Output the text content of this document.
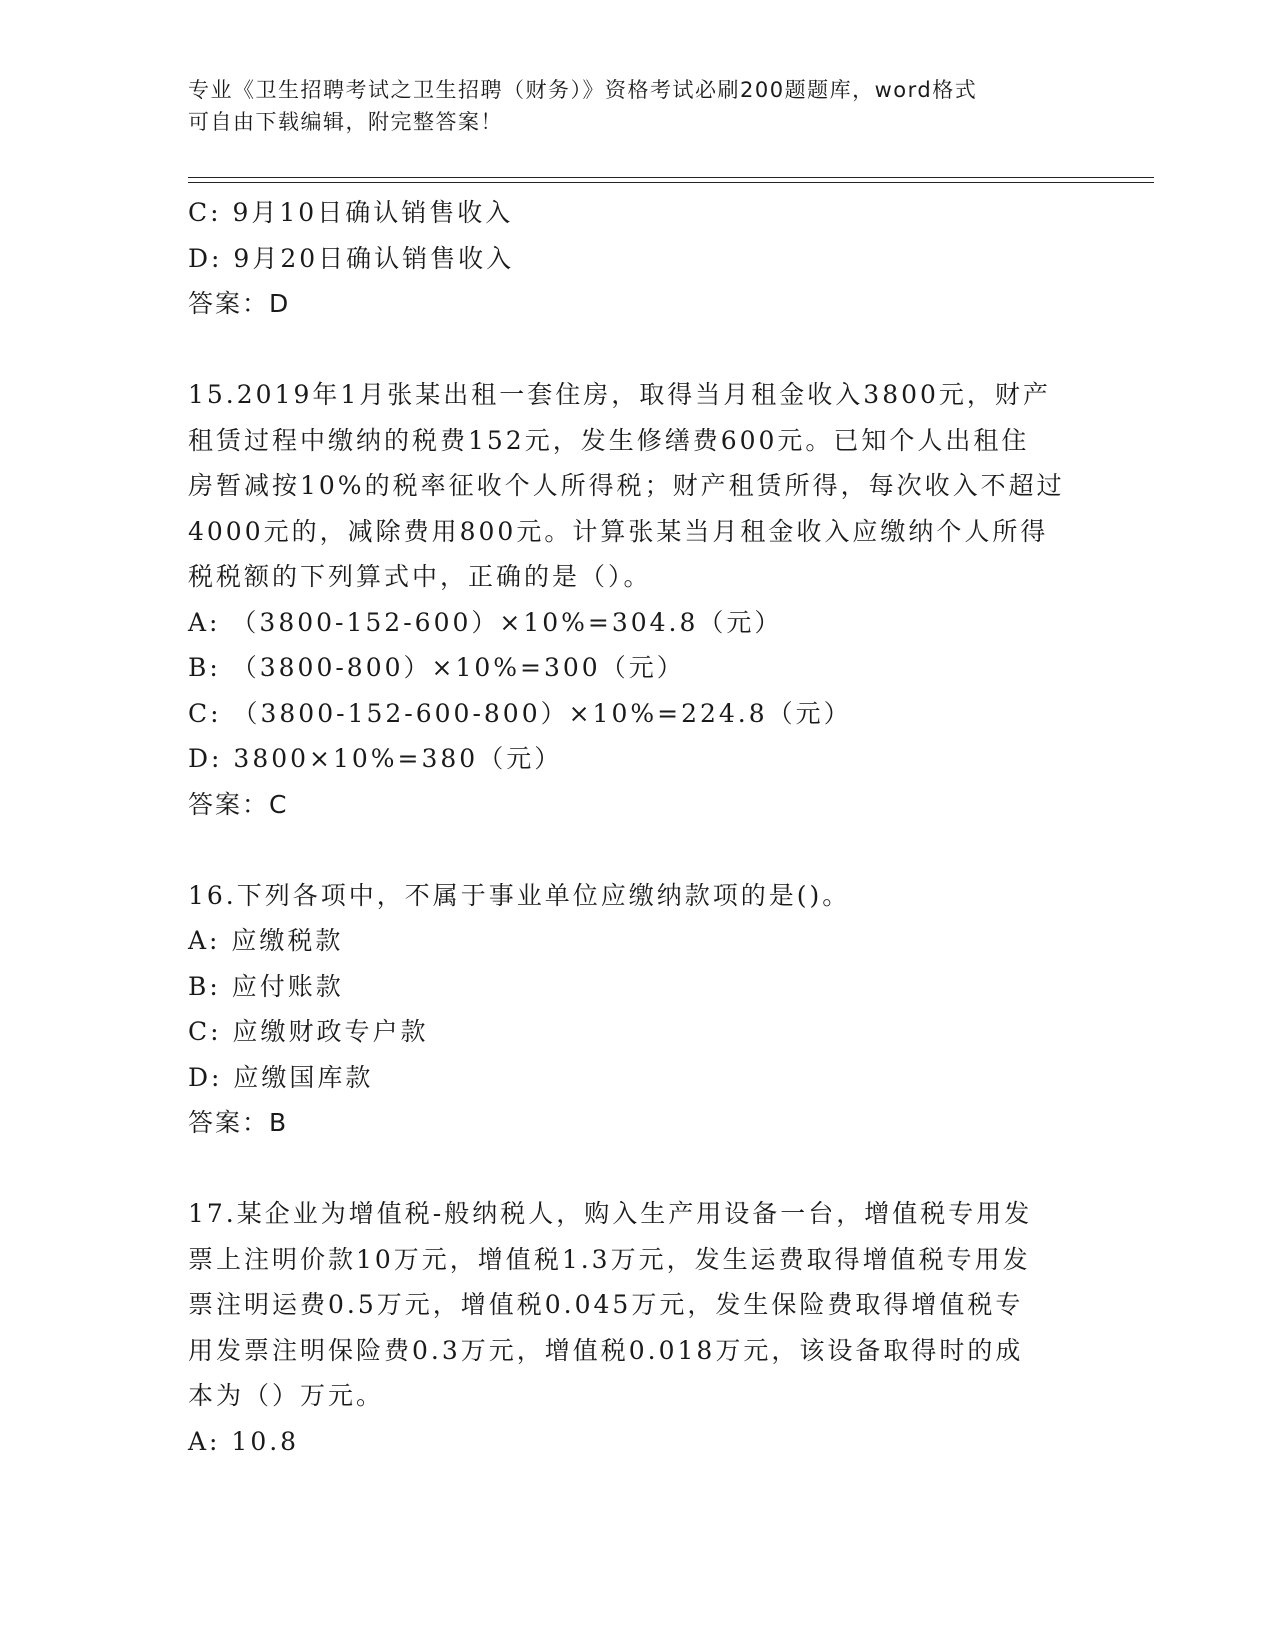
专业《卫生招聘考试之卫生招聘（财务）》资格考试必刷200题题库，word格式
可自由下载编辑，附完整答案！
C: 9月10日确认销售收入
D: 9月20日确认销售收入
答案：D
15.2019年1月张某出租一套住房，取得当月租金收入3800元，财产
租赁过程中缴纳的税费152元，发生修缮费600元。已知个人出租住
房暂减按10%的税率征收个人所得税；财产租赁所得，每次收入不超过
4000元的，减除费用800元。计算张某当月租金收入应缴纳个人所得
税税额的下列算式中，正确的是（）。
A: （3800-152-600）×10%=304.8（元）
B: （3800-800）×10%=300（元）
C: （3800-152-600-800）×10%=224.8（元）
D: 3800×10%=380（元）
答案：C
16.下列各项中，不属于事业单位应缴纳款项的是()。
A: 应缴税款
B: 应付账款
C: 应缴财政专户款
D: 应缴国库款
答案：B
17.某企业为增值税-般纳税人，购入生产用设备一台，增值税专用发
票上注明价款10万元，增值税1.3万元，发生运费取得增值税专用发
票注明运费0.5万元，增值税0.045万元，发生保险费取得增值税专
用发票注明保险费0.3万元，增值税0.018万元，该设备取得时的成
本为（）万元。
A: 10.8
